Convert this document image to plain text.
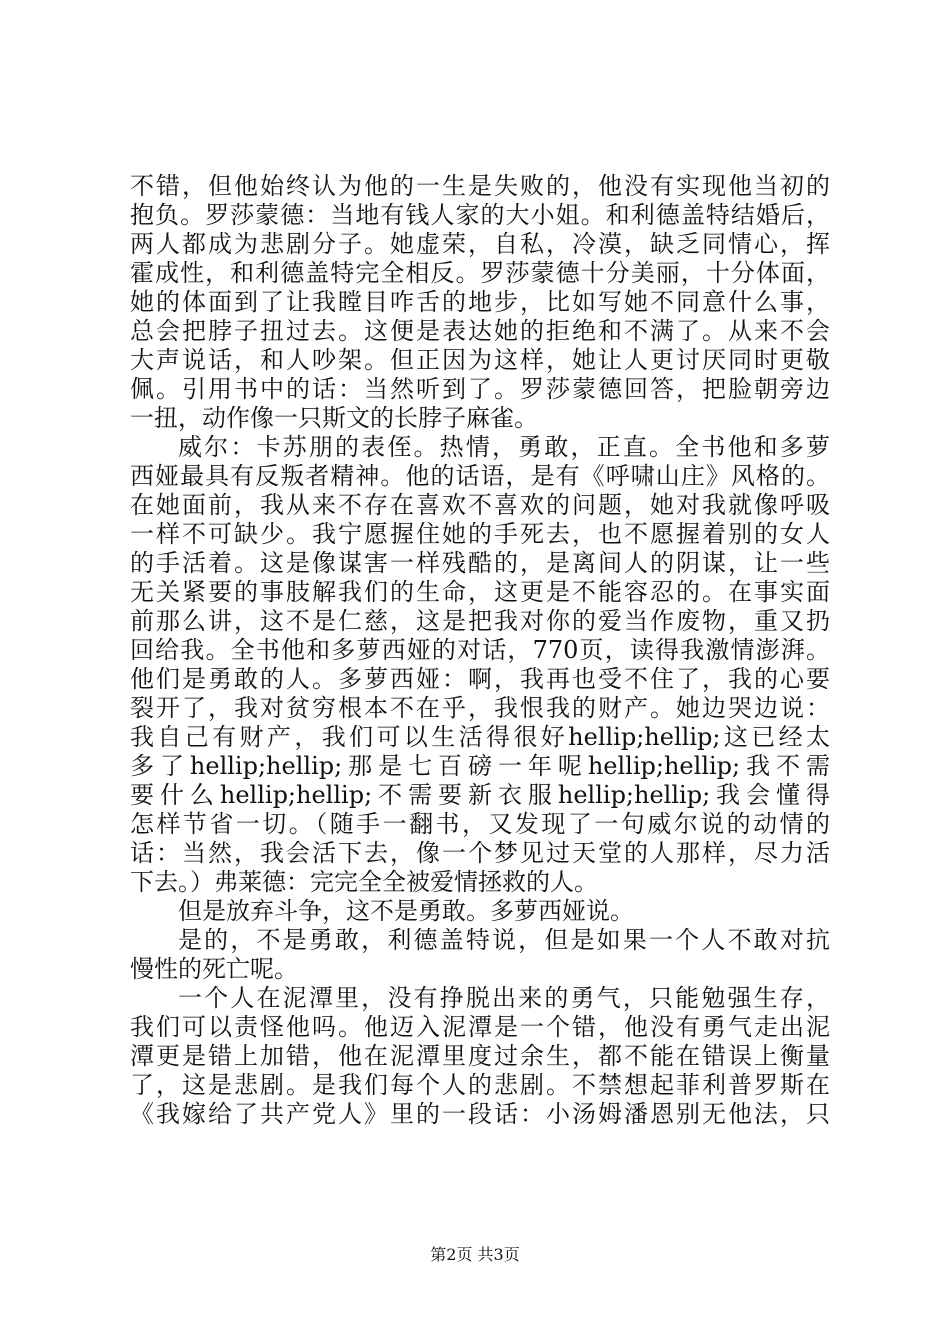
不错，但他始终认为他的一生是失败的，他没有实现他当初的
抱负。罗莎蒙德：当地有钱人家的大小姐。和利德盖特结婚后，
两人都成为悲剧分子。她虚荣，自私，冷漠，缺乏同情心，挥
霍成性，和利德盖特完全相反。罗莎蒙德十分美丽，十分体面，
她的体面到了让我瞠目咋舌的地步，比如写她不同意什么事，
总会把脖子扭过去。这便是表达她的拒绝和不满了。从来不会
大声说话，和人吵架。但正因为这样，她让人更讨厌同时更敬
佩。引用书中的话：当然听到了。罗莎蒙德回答，把脸朝旁边
一扭，动作像一只斯文的长脖子麻雀。
威尔：卡苏朋的表侄。热情，勇敢，正直。全书他和多萝
西娅最具有反叛者精神。他的话语，是有《呼啸山庄》风格的。
在她面前，我从来不存在喜欢不喜欢的问题，她对我就像呼吸
一样不可缺少。我宁愿握住她的手死去，也不愿握着别的女人
的手活着。这是像谋害一样残酷的，是离间人的阴谋，让一些
无关紧要的事肢解我们的生命，这更是不能容忍的。在事实面
前那么讲，这不是仁慈，这是把我对你的爱当作废物，重又扔
回给我。全书他和多萝西娅的对话，770页，读得我激情澎湃。
他们是勇敢的人。多萝西娅：啊，我再也受不住了，我的心要
裂开了，我对贫穷根本不在乎，我恨我的财产。她边哭边说：
我自己有财产，我们可以生活得很好hellip;hellip;这已经太
多了hellip;hellip;那是七百磅一年呢hellip;hellip;我不需
要什么hellip;hellip;不需要新衣服hellip;hellip;我会懂得
怎样节省一切。（随手一翻书，又发现了一句威尔说的动情的
话：当然，我会活下去，像一个梦见过天堂的人那样，尽力活
下去。）弗莱德：完完全全被爱情拯救的人。
但是放弃斗争，这不是勇敢。多萝西娅说。
是的，不是勇敢，利德盖特说，但是如果一个人不敢对抗
慢性的死亡呢。
一个人在泥潭里，没有挣脱出来的勇气，只能勉强生存，
我们可以责怪他吗。他迈入泥潭是一个错，他没有勇气走出泥
潭更是错上加错，他在泥潭里度过余生，都不能在错误上衡量
了，这是悲剧。是我们每个人的悲剧。不禁想起菲利普罗斯在
《我嫁给了共产党人》里的一段话：小汤姆潘恩别无他法，只
第2页 共3页
